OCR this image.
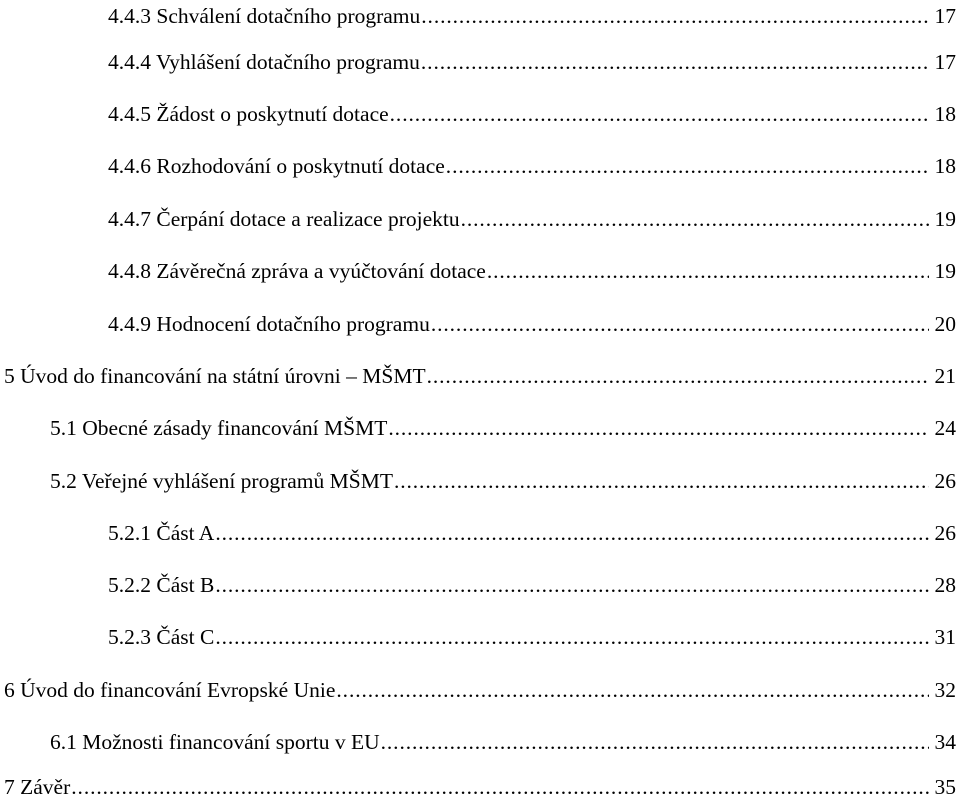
4.4.3 Schválení dotačního programu .....	17
4.4.4 Vyhlášení dotačního programu .....	17
4.4.5 Žádost o poskytnutí dotace .....	18
4.4.6 Rozhodování o poskytnutí dotace .....	18
4.4.7 Čerpání dotace a realizace projektu .....	19
4.4.8 Závěrečná zpráva a vyúčtování dotace .....	19
4.4.9 Hodnocení dotačního programu .....	20
5 Úvod do financování na státní úrovni – MŠMT .....	21
5.1 Obecné zásady financování MŠMT .....	24
5.2 Veřejné vyhlášení programů MŠMT .....	26
5.2.1 Část A .....	26
5.2.2 Část B .....	28
5.2.3 Část C .....	31
6 Úvod do financování Evropské Unie .....	32
6.1 Možnosti financování sportu v EU .....	34
7 Závěr .....	35
